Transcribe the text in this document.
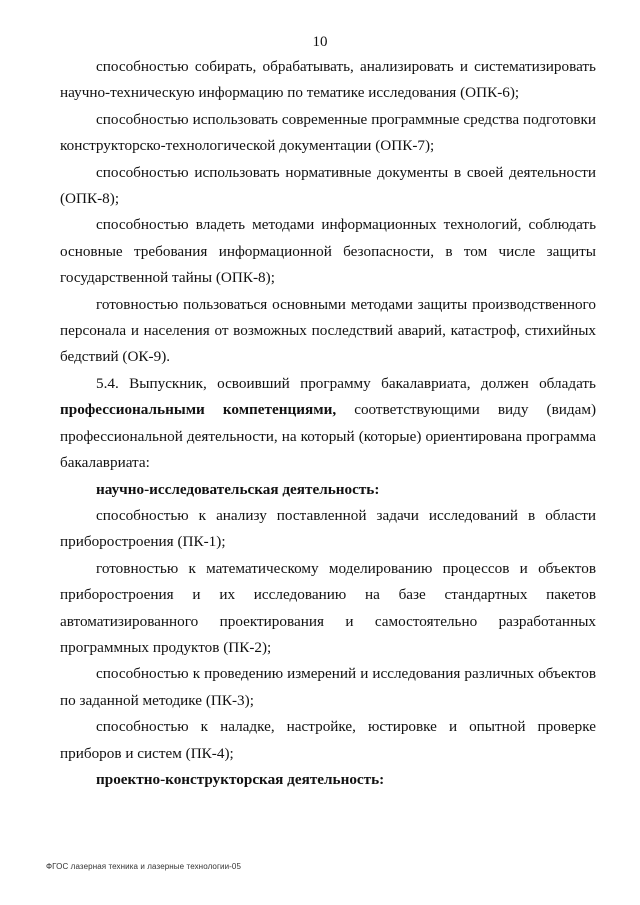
10

способностью собирать, обрабатывать, анализировать и систематизировать научно-техническую информацию по тематике исследования (ОПК-6);

способностью использовать современные программные средства подготовки конструкторско-технологической документации (ОПК-7);

способностью использовать нормативные документы в своей деятельности (ОПК-8);

способностью владеть методами информационных технологий, соблюдать основные требования информационной безопасности, в том числе защиты государственной тайны (ОПК-8);

готовностью пользоваться основными методами защиты производственного персонала и населения от возможных последствий аварий, катастроф, стихийных бедствий (ОК-9).

5.4. Выпускник, освоивший программу бакалавриата, должен обладать профессиональными компетенциями, соответствующими виду (видам) профессиональной деятельности, на который (которые) ориентирована программа бакалавриата:

научно-исследовательская деятельность:

способностью к анализу поставленной задачи исследований в области приборостроения (ПК-1);

готовностью к математическому моделированию процессов и объектов приборостроения и их исследованию на базе стандартных пакетов автоматизированного проектирования и самостоятельно разработанных программных продуктов (ПК-2);

способностью к проведению измерений и исследования различных объектов по заданной методике (ПК-3);

способностью к наладке, настройке, юстировке и опытной проверке приборов и систем (ПК-4);

проектно-конструкторская деятельность:

ФГОС лазерная техника и лазерные технологии-05
